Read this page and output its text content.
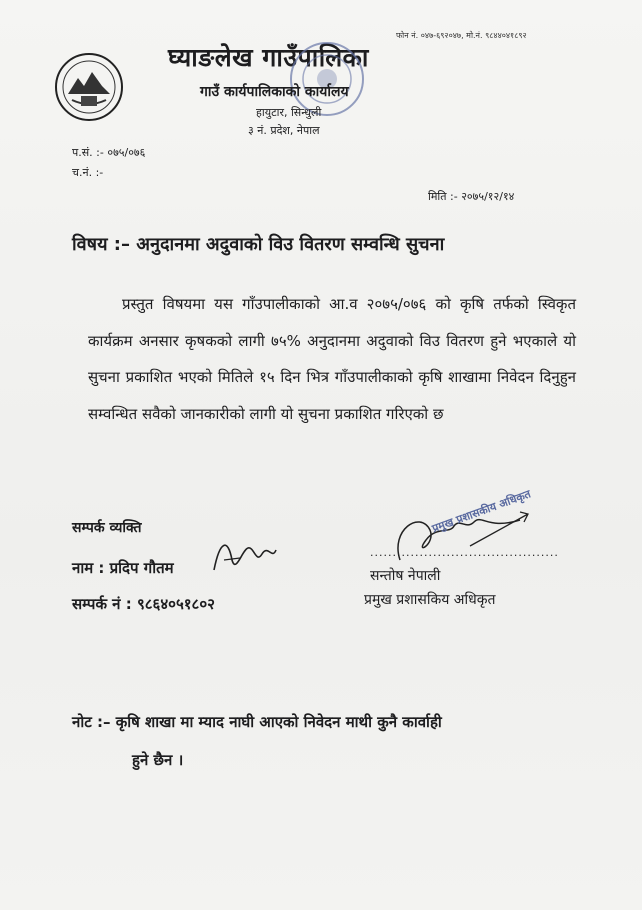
फोन नं. ०४७-६९२०४७, मो.नं. ९८४४०४१८९२
घ्याङलेख गाउँपालिका
गाउँ कार्यपालिकाको कार्यालय
हायुटार, सिन्धुली
३ नं. प्रदेश, नेपाल
प.सं. :- ०७५/०७६
च.नं. :-
मिति :- २०७५/१२/१४
विषय :– अनुदानमा अदुवाको विउ वितरण सम्वन्धि सुचना

प्रस्तुत विषयमा यस गाँउपालीकाको आ.व २०७५/०७६ को कृषि तर्फको स्विकृत कार्यक्रम अनसार कृषकको लागी ७५% अनुदानमा अदुवाको विउ वितरण हुने भएकाले यो सुचना प्रकाशित भएको मितिले १५ दिन भित्र गाँउपालीकाको कृषि शाखामा निवेदन दिनुहुन सम्वन्धित सवैको जानकारीको लागी यो सुचना प्रकाशित गरिएको छ

सम्पर्क व्यक्ति
नाम : प्रदिप गौतम
सम्पर्क नं : ९८६४०५१८०२
..........................................
प्रमुख प्रशासकीय अधिकृत
सन्तोष नेपाली
प्रमुख प्रशासकिय अधिकृत
नोट :– कृषि शाखा मा म्याद नाघी आएको निवेदन माथी कुनै कार्वाही
हुने छैन ।
